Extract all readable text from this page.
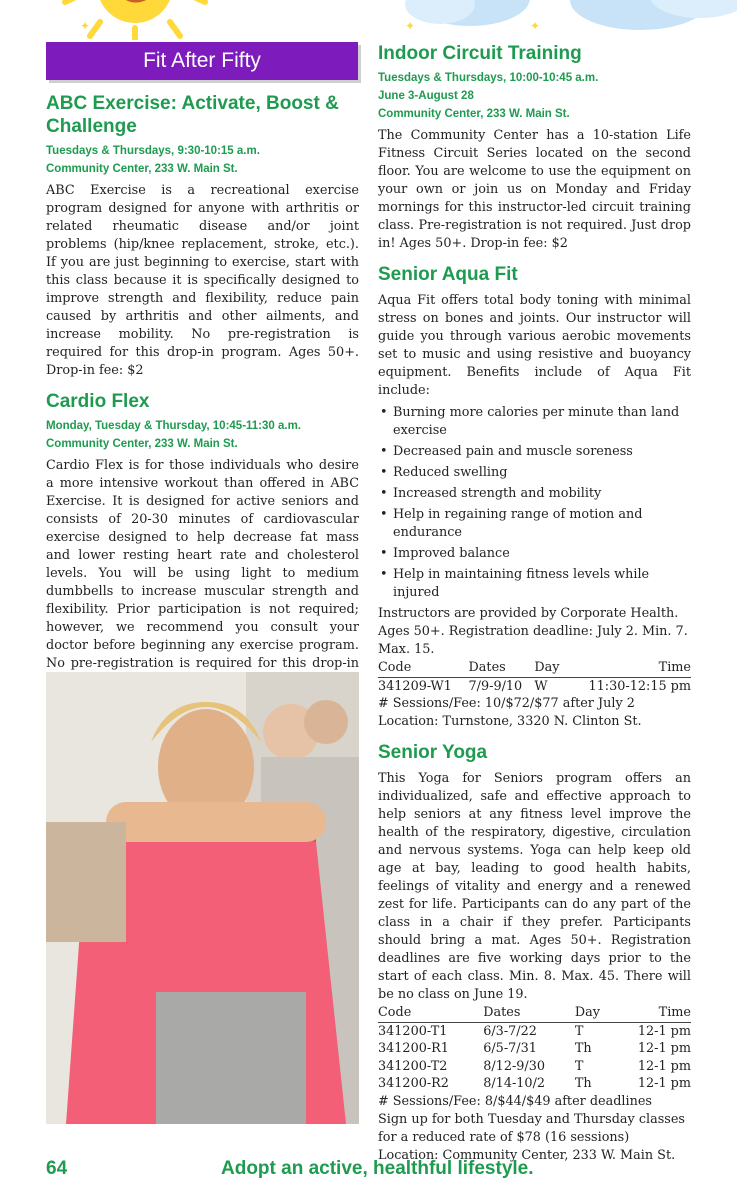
✦	✦
✦
Fit After Fifty
ABC Exercise: Activate, Boost & Challenge
Tuesdays & Thursdays, 9:30-10:15 a.m.
Community Center, 233 W. Main St.

ABC Exercise is a recreational exercise program designed for anyone with arthritis or related rheumatic disease and/or joint problems (hip/knee replacement, stroke, etc.). If you are just beginning to exercise, start with this class because it is specifically designed to improve strength and flexibility, reduce pain caused by arthritis and other ailments, and increase mobility. No pre-registration is required for this drop-in program. Ages 50+. Drop-in fee: $2

Cardio Flex
Monday, Tuesday & Thursday, 10:45-11:30 a.m.
Community Center, 233 W. Main St.

Cardio Flex is for those individuals who desire a more intensive workout than offered in ABC Exercise. It is designed for active seniors and consists of 20-30 minutes of cardiovascular exercise designed to help decrease fat mass and lower resting heart rate and cholesterol levels. You will be using light to medium dumbbells to increase muscular strength and flexibility. Prior participation is not required; however, we recommend you consult your doctor before beginning any exercise program. No pre-registration is required for this drop-in

Indoor Circuit Training
Tuesdays & Thursdays, 10:00-10:45 a.m.
June 3-August 28
Community Center, 233 W. Main St.

The Community Center has a 10-station Life Fitness Circuit Series located on the second floor. You are welcome to use the equipment on your own or join us on Monday and Friday mornings for this instructor-led circuit training class. Pre-registration is not required. Just drop in! Ages 50+. Drop-in fee: $2

Senior Aqua Fit

Aqua Fit offers total body toning with minimal stress on bones and joints. Our instructor will guide you through various aerobic movements set to music and using resistive and buoyancy equipment. Benefits include of Aqua Fit include:

• Burning more calories per minute than land exercise
• Decreased pain and muscle soreness
• Reduced swelling
• Increased strength and mobility
• Help in regaining range of motion and endurance
• Improved balance
• Help in maintaining fitness levels while injured
Instructors are provided by Corporate Health. Ages 50+. Registration deadline: July 2. Min. 7. Max. 15.
Code	Dates	Day	Time
341209-W1	7/9-9/10	W	11:30-12:15 pm
# Sessions/Fee: 10/$72/$77 after July 2
Location: Turnstone, 3320 N. Clinton St.
Senior Yoga

This Yoga for Seniors program offers an individualized, safe and effective approach to help seniors at any fitness level improve the health of the respiratory, digestive, circulation and nervous systems. Yoga can help keep old age at bay, leading to good health habits, feelings of vitality and energy and a renewed zest for life. Participants can do any part of the class in a chair if they prefer. Participants should bring a mat. Ages 50+. Registration deadlines are five working days prior to the start of each class. Min. 8. Max. 45. There will be no class on June 19.

Code	Dates	Day	Time
341200-T1	6/3-7/22	T	12-1 pm
341200-R1	6/5-7/31	Th	12-1 pm
341200-T2	8/12-9/30	T	12-1 pm
341200-R2	8/14-10/2	Th	12-1 pm
# Sessions/Fee: 8/$44/$49 after deadlines
Sign up for both Tuesday and Thursday classes for a reduced rate of $78 (16 sessions)
Location: Community Center, 233 W. Main St.
64	Adopt an active, healthful lifestyle.
